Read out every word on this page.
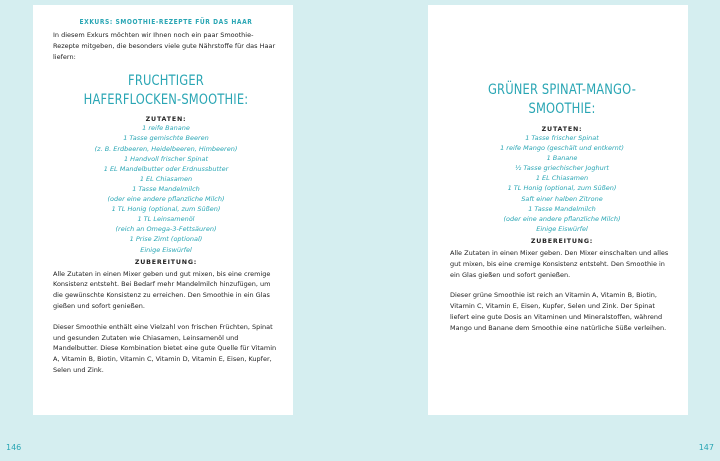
EXKURS: SMOOTHIE-REZEPTE FÜR DAS HAAR

In diesem Exkurs möchten wir Ihnen noch ein paar Smoothie-Rezepte mitgeben, die besonders viele gute Nährstoffe für das Haar liefern:

FRUCHTIGER

HAFERFLOCKEN-SMOOTHIE:

ZUTATEN:

1 reife Banane
1 Tasse gemischte Beeren
(z. B. Erdbeeren, Heidelbeeren, Himbeeren)
1 Handvoll frischer Spinat
1 EL Mandelbutter oder Erdnussbutter
1 EL Chiasamen
1 Tasse Mandelmilch
(oder eine andere pflanzliche Milch)
1 TL Honig (optional, zum Süßen)
1 TL Leinsamenöl
(reich an Omega-3-Fettsäuren)
1 Prise Zimt (optional)
Einige Eiswürfel

ZUBEREITUNG:

Alle Zutaten in einen Mixer geben und gut mixen, bis eine cremige Konsistenz entsteht. Bei Bedarf mehr Mandelmilch hinzufügen, um die gewünschte Konsistenz zu erreichen. Den Smoothie in ein Glas gießen und sofort genießen.

Dieser Smoothie enthält eine Vielzahl von frischen Früchten, Spinat und gesunden Zutaten wie Chiasamen, Leinsamenöl und Mandelbutter. Diese Kombination bietet eine gute Quelle für Vitamin A, Vitamin B, Biotin, Vitamin C, Vitamin D, Vitamin E, Eisen, Kupfer, Selen und Zink.

GRÜNER SPINAT-MANGO-

SMOOTHIE:

ZUTATEN:

1 Tasse frischer Spinat
1 reife Mango (geschält und entkernt)
1 Banane
½ Tasse griechischer Joghurt
1 EL Chiasamen
1 TL Honig (optional, zum Süßen)
Saft einer halben Zitrone
1 Tasse Mandelmilch
(oder eine andere pflanzliche Milch)
Einige Eiswürfel

ZUBEREITUNG:

Alle Zutaten in einen Mixer geben. Den Mixer einschalten und alles gut mixen, bis eine cremige Konsistenz entsteht. Den Smoothie in ein Glas gießen und sofort genießen.

Dieser grüne Smoothie ist reich an Vitamin A, Vitamin B, Biotin, Vitamin C, Vitamin E, Eisen, Kupfer, Selen und Zink. Der Spinat liefert eine gute Dosis an Vitaminen und Mineralstoffen, während Mango und Banane dem Smoothie eine natürliche Süße verleihen.

146	147
